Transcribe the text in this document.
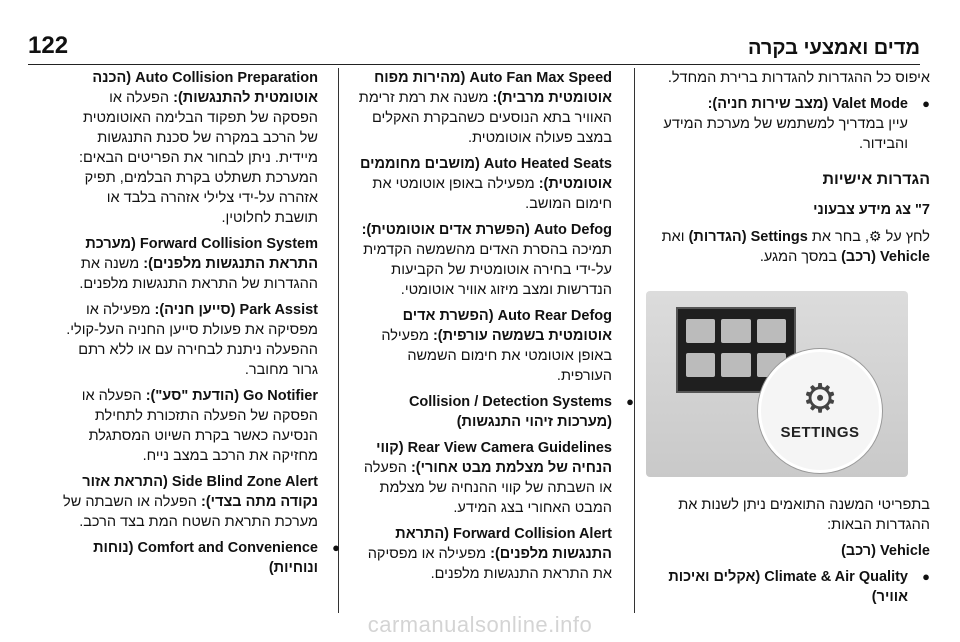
122	מדים ואמצעי בקרה

איפוס כל ההגדרות להגדרות ברירת המחדל.

● Valet Mode (מצב שירות חניה):
עיין במדריך למשתמש של מערכת המידע והבידור.
הגדרות אישיות
7" צג מידע צבעוני

לחץ על ⚙, בחר את Settings (הגדרות) ואת Vehicle (רכב) במסך המגע.

⚙
SETTINGS

בתפריטי המשנה התואמים ניתן לשנות את ההגדרות הבאות:

Vehicle (רכב)
● Climate & Air Quality (אקלים ואיכות אוויר)

Auto Fan Max Speed (מהירות מפוח אוטומטית מרבית): משנה את רמת זרימת האוויר בתא הנוסעים כשהבקרת האקלים במצב פעולה אוטומטית.

Auto Heated Seats (מושבים מחוממים אוטומטית): מפעילה באופן אוטומטי את חימום המושב.

Auto Defog (הפשרת אדים אוטומטית): תמיכה בהסרת האדים מהשמשה הקדמית על-ידי בחירה אוטומטית של הקביעות הנדרשות ומצב מיזוג אוויר אוטומטי.

Auto Rear Defog (הפשרת אדים אוטומטית בשמשה עורפית): מפעילה באופן אוטומטי את חימום השמשה העורפית.

● Collision / Detection Systems (מערכות זיהוי התנגשות)

Rear View Camera Guidelines (קווי הנחיה של מצלמת מבט אחורי): הפעלה או השבתה של קווי ההנחיה של מצלמת המבט האחורי בצג המידע.

Forward Collision Alert (התראת התנגשות מלפנים): מפעילה או מפסיקה את התראת התנגשות מלפנים.

Auto Collision Preparation (הכנה אוטומטית להתנגשות): הפעלה או הפסקה של תפקוד הבלימה האוטומטית של הרכב במקרה של סכנת התנגשות מיידית. ניתן לבחור את הפריטים הבאים: המערכת תשתלט בקרת הבלמים, תפיק אזהרה על-ידי צלילי אזהרה בלבד או תושבת לחלוטין.

Forward Collision System (מערכת התראת התנגשות מלפנים): משנה את ההגדרות של התראת התנגשות מלפנים.

Park Assist (סייען חניה): מפעילה או מפסיקה את פעולת סייען החניה העל-קולי. ההפעלה ניתנת לבחירה עם או ללא רתם גרור מחובר.

Go Notifier (הודעת "סע"): הפעלה או הפסקה של הפעלה התזכורת לתחילת הנסיעה כאשר בקרת השיוט המסתגלת מחזיקה את הרכב במצב נייח.

Side Blind Zone Alert (התראת אזור נקודה מתה בצדי): הפעלה או השבתה של מערכת התראת השטח המת בצד הרכב.

● Comfort and Convenience (נוחות ונוחיות)
carmanualsonline.info
